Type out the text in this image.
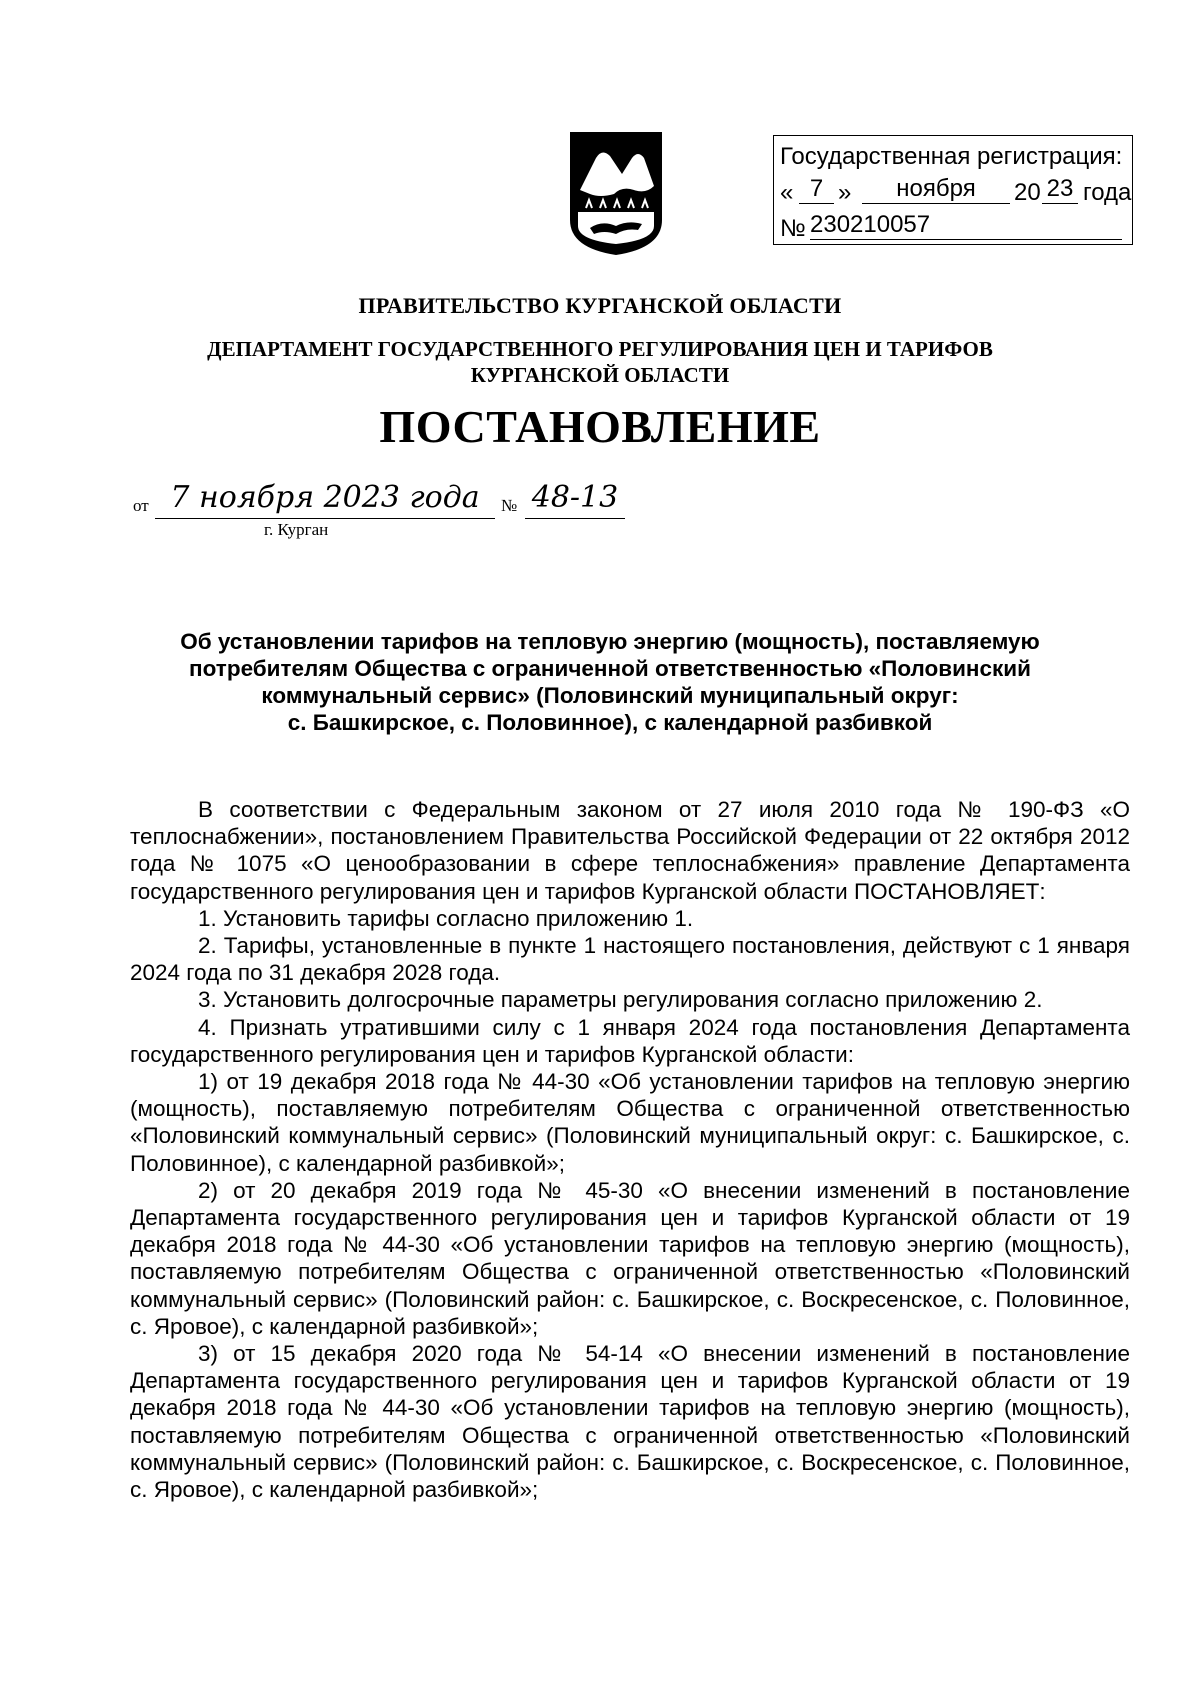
Государственная регистрация:
« 7 »	ноября	20 23 года
№ 230210057
ПРАВИТЕЛЬСТВО КУРГАНСКОЙ ОБЛАСТИ
ДЕПАРТАМЕНТ ГОСУДАРСТВЕННОГО РЕГУЛИРОВАНИЯ ЦЕН И ТАРИФОВ
КУРГАНСКОЙ ОБЛАСТИ
ПОСТАНОВЛЕНИЕ
от 7 ноября 2023 года	№ 48-13
г. Курган
Об установлении тарифов на тепловую энергию (мощность), поставляемую
потребителям Общества с ограниченной ответственностью «Половинский
коммунальный сервис» (Половинский муниципальный округ:
с. Башкирское, с. Половинное), с календарной разбивкой

В соответствии с Федеральным законом от 27 июля 2010 года № 190-ФЗ «О теплоснабжении», постановлением Правительства Российской Федерации от 22 октября 2012 года № 1075 «О ценообразовании в сфере теплоснабжения» правление Департамента государственного регулирования цен и тарифов Курганской области ПОСТАНОВЛЯЕТ:

1. Установить тарифы согласно приложению 1.

2. Тарифы, установленные в пункте 1 настоящего постановления, действуют с 1 января 2024 года по 31 декабря 2028 года.

3. Установить долгосрочные параметры регулирования согласно приложению 2.

4. Признать утратившими силу с 1 января 2024 года постановления Департамента государственного регулирования цен и тарифов Курганской области:

1) от 19 декабря 2018 года № 44-30 «Об установлении тарифов на тепловую энергию (мощность), поставляемую потребителям Общества с ограниченной ответственностью «Половинский коммунальный сервис» (Половинский муниципальный округ: с. Башкирское, с. Половинное), с календарной разбивкой»;

2) от 20 декабря 2019 года № 45-30 «О внесении изменений в постановление Департамента государственного регулирования цен и тарифов Курганской области от 19 декабря 2018 года № 44-30 «Об установлении тарифов на тепловую энергию (мощность), поставляемую потребителям Общества с ограниченной ответственностью «Половинский коммунальный сервис» (Половинский район: с. Башкирское, с. Воскресенское, с. Половинное, с. Яровое), с календарной разбивкой»;

3) от 15 декабря 2020 года № 54-14 «О внесении изменений в постановление Департамента государственного регулирования цен и тарифов Курганской области от 19 декабря 2018 года № 44-30 «Об установлении тарифов на тепловую энергию (мощность), поставляемую потребителям Общества с ограниченной ответственностью «Половинский коммунальный сервис» (Половинский район: с. Башкирское, с. Воскресенское, с. Половинное, с. Яровое), с календарной разбивкой»;
